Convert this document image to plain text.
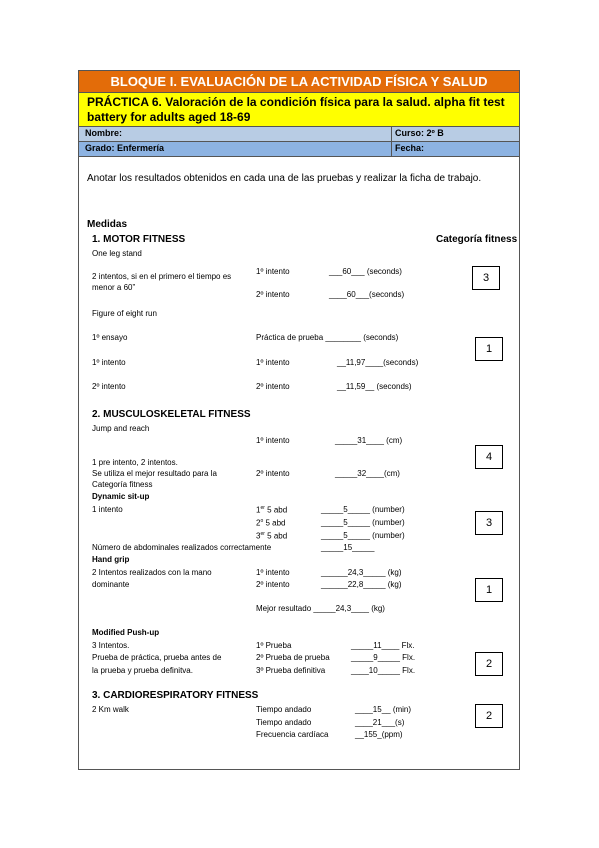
BLOQUE I. EVALUACIÓN DE LA ACTIVIDAD FÍSICA Y SALUD
PRÁCTICA 6. Valoración de la condición física para la salud. alpha fit test battery for adults aged 18-69
Nombre:	Curso: 2º B
Grado: Enfermería	Fecha:
Anotar los resultados obtenidos en cada una de las pruebas y realizar la ficha de trabajo.
Medidas
Categoría fitness
1. MOTOR FITNESS
One leg stand
2 intentos, si en el primero el tiempo es menor a 60”
1º intento	___60___ (seconds)
2º intento	____60___(seconds)
3
Figure of eight run
1º ensayo	Práctica de prueba ________ (seconds)
1º intento	1º intento	__11,97____(seconds)
2º intento	2º intento	__11,59__ (seconds)
1
2. MUSCULOSKELETAL FITNESS
Jump and reach
1º intento	_____31____ (cm)
1 pre intento, 2 intentos.
Se utiliza el mejor resultado para la	2º intento	_____32____(cm)
Categoría fitness
4
Dynamic sit-up
1 intento	1er 5 abd	_____5_____ (number)
2$^o$ 5 abd	_____5_____ (number)
3er 5 abd	_____5_____ (number)
Número de abdominales realizados correctamente	_____15_____
3
Hand grip
2 Intentos realizados con la mano
dominante
1º intento	______24,3_____ (kg)
2º intento	______22,8_____ (kg)
Mejor resultado _____24,3____ (kg)
1
Modified Push-up
3 Intentos.
Prueba de práctica, prueba antes de
la prueba y prueba definitva.
1º Prueba	_____11____ Flx.
2º Prueba de prueba	_____9_____ Flx.
3º Prueba definitiva	____10_____ Flx.
2
3. CARDIORESPIRATORY FITNESS
2 Km walk	Tiempo andado	____15__ (min)
Tiempo andado	____21___(s)
Frecuencia cardíaca	__155_(ppm)
2
